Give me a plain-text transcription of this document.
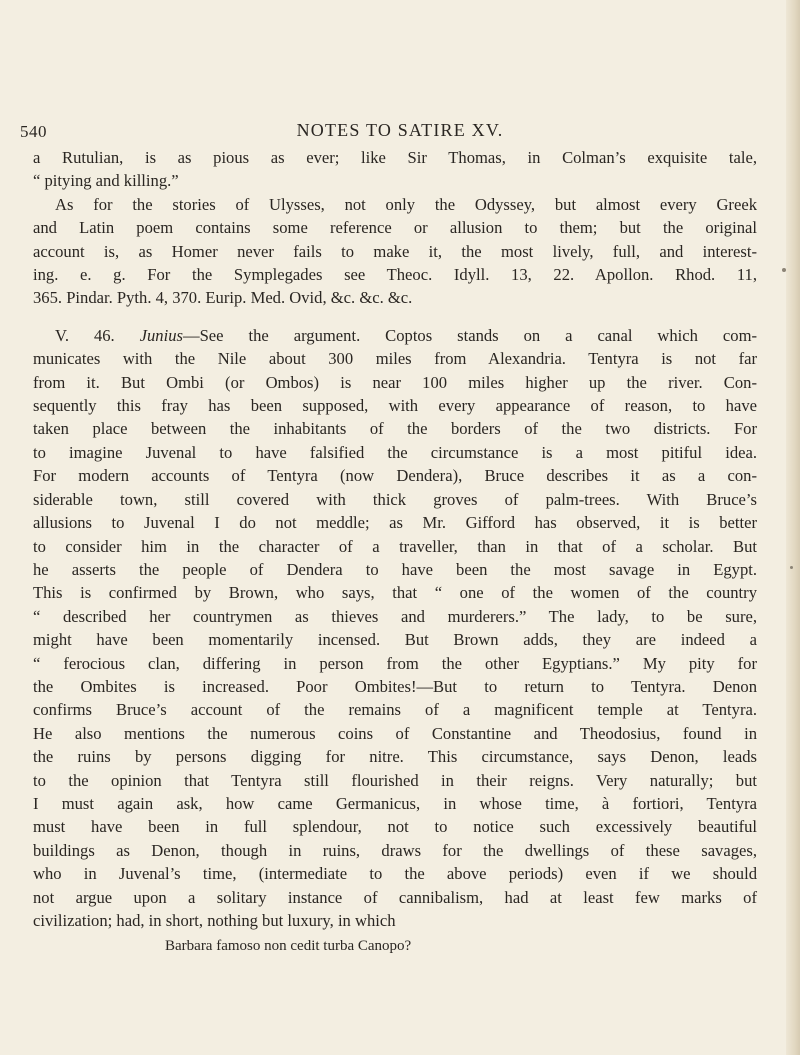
540	NOTES TO SATIRE XV.

a Rutulian, is as pious as ever; like Sir Thomas, in Colman’s exquisite tale,
“ pitying and killing.”

As for the stories of Ulysses, not only the Odyssey, but almost every Greek
and Latin poem contains some reference or allusion to them; but the original
account is, as Homer never fails to make it, the most lively, full, and interest-
ing. e. g. For the Symplegades see Theoc. Idyll. 13, 22. Apollon. Rhod. 11,
365. Pindar. Pyth. 4, 370. Eurip. Med. Ovid, &c. &c. &c.
V. 46. Junius—See the argument. Coptos stands on a canal which com-
municates with the Nile about 300 miles from Alexandria. Tentyra is not far
from it. But Ombi (or Ombos) is near 100 miles higher up the river. Con-
sequently this fray has been supposed, with every appearance of reason, to have
taken place between the inhabitants of the borders of the two districts. For
to imagine Juvenal to have falsified the circumstance is a most pitiful idea.
For modern accounts of Tentyra (now Dendera), Bruce describes it as a con-
siderable town, still covered with thick groves of palm-trees. With Bruce’s
allusions to Juvenal I do not meddle; as Mr. Gifford has observed, it is better
to consider him in the character of a traveller, than in that of a scholar. But
he asserts the people of Dendera to have been the most savage in Egypt.
This is confirmed by Brown, who says, that “ one of the women of the country
“ described her countrymen as thieves and murderers.” The lady, to be sure,
might have been momentarily incensed. But Brown adds, they are indeed a
“ ferocious clan, differing in person from the other Egyptians.” My pity for
the Ombites is increased. Poor Ombites!—But to return to Tentyra. Denon
confirms Bruce’s account of the remains of a magnificent temple at Tentyra.
He also mentions the numerous coins of Constantine and Theodosius, found in
the ruins by persons digging for nitre. This circumstance, says Denon, leads
to the opinion that Tentyra still flourished in their reigns. Very naturally; but
I must again ask, how came Germanicus, in whose time, à fortiori, Tentyra
must have been in full splendour, not to notice such excessively beautiful
buildings as Denon, though in ruins, draws for the dwellings of these savages,
who in Juvenal’s time, (intermediate to the above periods) even if we should
not argue upon a solitary instance of cannibalism, had at least few marks of
civilization; had, in short, nothing but luxury, in which
Barbara famoso non cedit turba Canopo?
